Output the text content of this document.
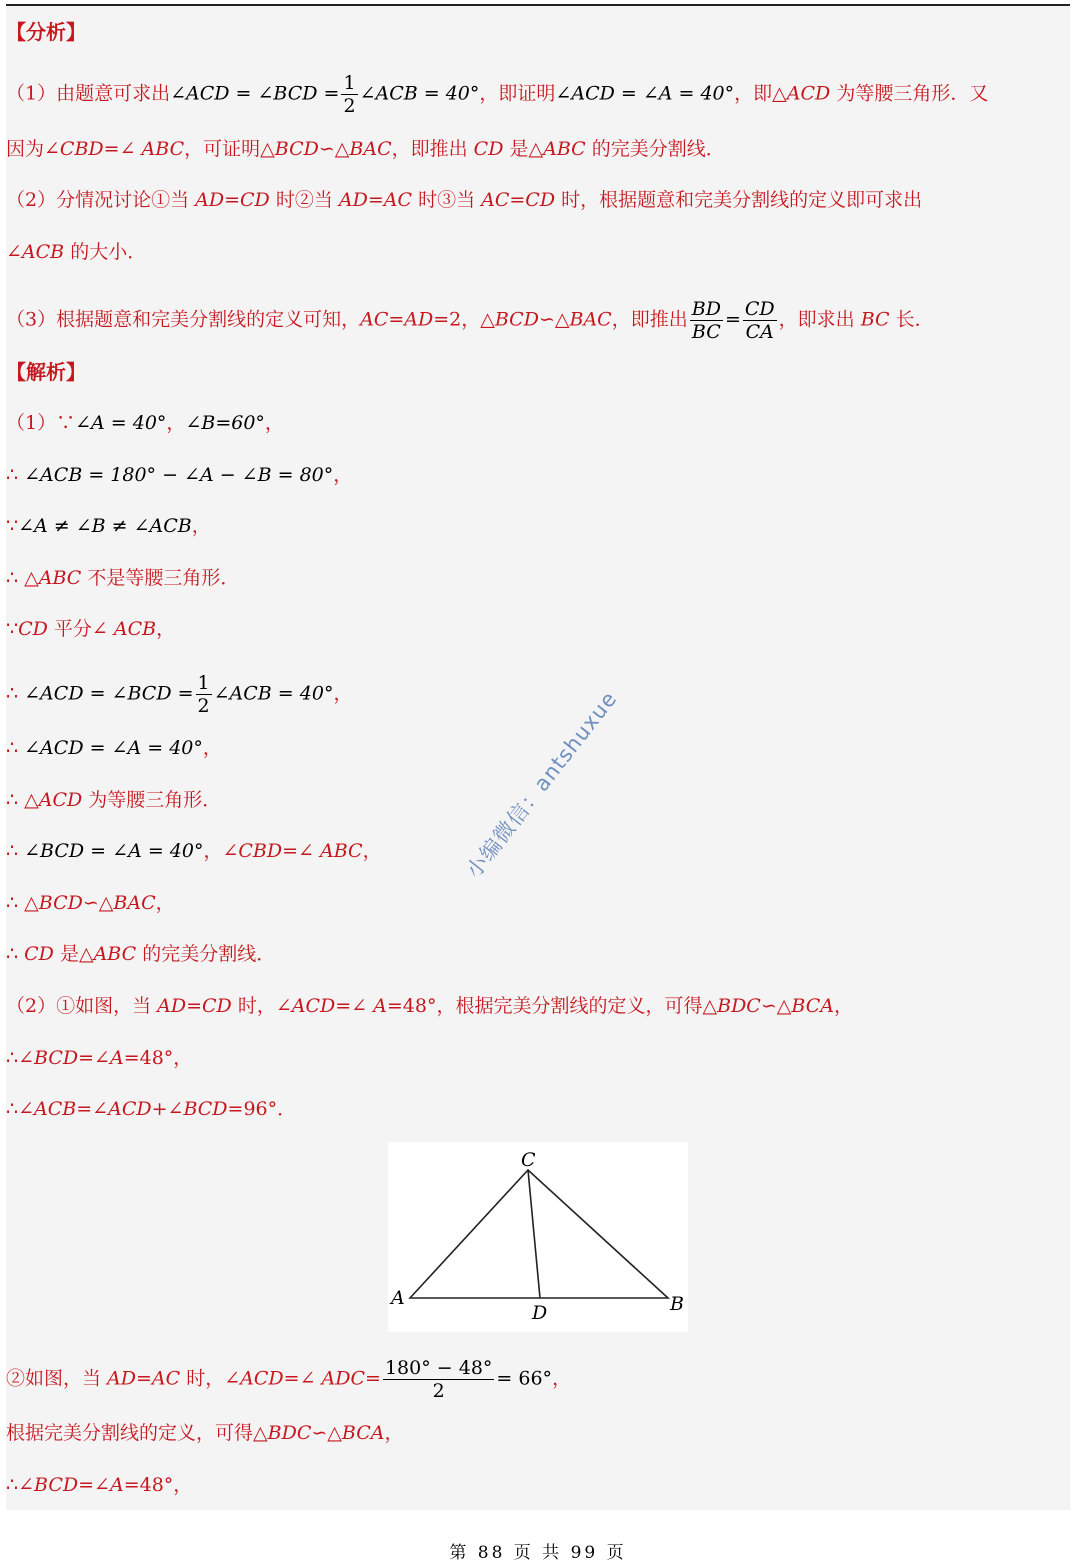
【分析】
（1）由题意可求出∠ACD = ∠BCD = $\frac{1}{2}$ ∠ACB = 40°，即证明∠ACD = ∠A = 40°，即△ACD 为等腰三角形．又
因为∠CBD=∠ ABC，可证明△BCD∽△BAC，即推出 CD 是△ABC 的完美分割线．
（2）分情况讨论①当 AD=CD 时②当 AD=AC 时③当 AC=CD 时，根据题意和完美分割线的定义即可求出
∠ACB 的大小．
（3）根据题意和完美分割线的定义可知，AC=AD=2，△BCD∽△BAC，即推出 $\frac{BD}{BC} = \frac{CD}{CA}$ ，即求出 BC 长．
【解析】
（1）∵∠A = 40°，∠B=60°，
∴ ∠ACB = 180° − ∠A − ∠B = 80°，
∵∠A ≠ ∠B ≠ ∠ACB，
∴ △ABC 不是等腰三角形．
∵CD 平分∠ ACB，
∴ ∠ACD = ∠BCD = $\frac{1}{2}$ ∠ACB = 40°，
∴ ∠ACD = ∠A = 40°，
∴ △ACD 为等腰三角形．
∴ ∠BCD = ∠A = 40°，∠CBD=∠ ABC，
∴ △BCD∽△BAC，
∴ CD 是△ABC 的完美分割线．
（2）①如图，当 AD=CD 时，∠ACD=∠ A=48°，根据完美分割线的定义，可得△BDC∽△BCA，
∴∠BCD=∠A=48°，
∴∠ACB=∠ACD+∠BCD=96°．
C
A
D	B
②如图，当 AD=AC 时，∠ACD=∠ $ADC= \frac{180^\circ - 48^\circ}{2} = 66^\circ$，
根据完美分割线的定义，可得△BDC∽△BCA，
∴∠BCD=∠A=48°，
小编微信：antshuxue
第 88 页 共 99 页
